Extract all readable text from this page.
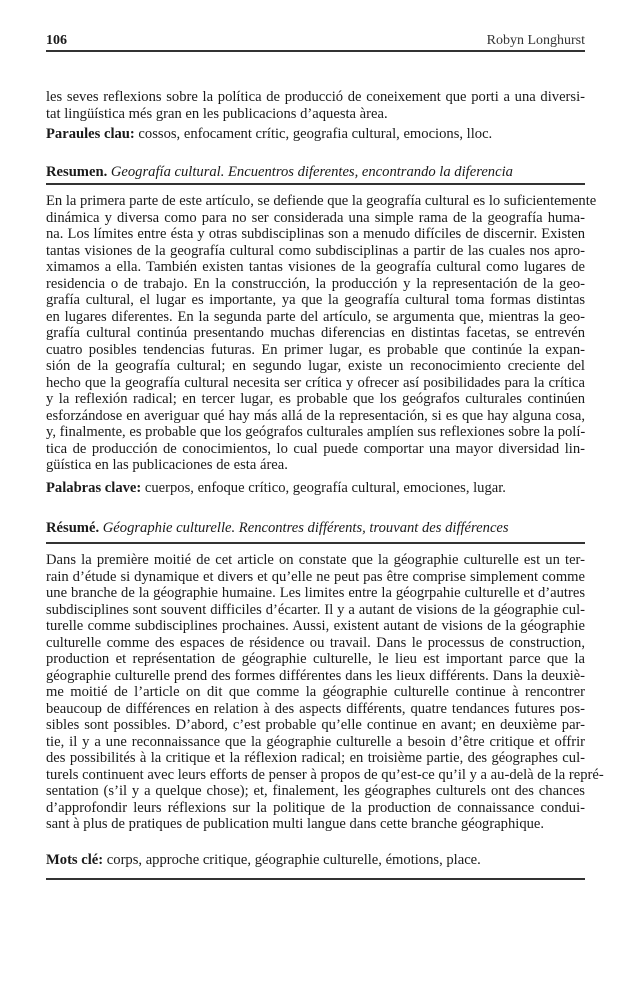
106	Robyn Longhurst
les seves reflexions sobre la política de producció de coneixement que porti a una diversi-
tat lingüística més gran en les publicacions d’aquesta àrea.
Paraules clau: cossos, enfocament crític, geografia cultural, emocions, lloc.
Resumen. Geografía cultural. Encuentros diferentes, encontrando la diferencia
En la primera parte de este artículo, se defiende que la geografía cultural es lo suficientemente
dinámica y diversa como para no ser considerada una simple rama de la geografía huma-
na. Los límites entre ésta y otras subdisciplinas son a menudo difíciles de discernir. Existen
tantas visiones de la geografía cultural como subdisciplinas a partir de las cuales nos apro-
ximamos a ella. También existen tantas visiones de la geografía cultural como lugares de
residencia o de trabajo. En la construcción, la producción y la representación de la geo-
grafía cultural, el lugar es importante, ya que la geografía cultural toma formas distintas
en lugares diferentes. En la segunda parte del artículo, se argumenta que, mientras la geo-
grafía cultural continúa presentando muchas diferencias en distintas facetas, se entrevén
cuatro posibles tendencias futuras. En primer lugar, es probable que continúe la expan-
sión de la geografía cultural; en segundo lugar, existe un reconocimiento creciente del
hecho que la geografía cultural necesita ser crítica y ofrecer así posibilidades para la crítica
y la reflexión radical; en tercer lugar, es probable que los geógrafos culturales continúen
esforzándose en averiguar qué hay más allá de la representación, si es que hay alguna cosa,
y, finalmente, es probable que los geógrafos culturales amplíen sus reflexiones sobre la polí-
tica de producción de conocimientos, lo cual puede comportar una mayor diversidad lin-
güística en las publicaciones de esta área.
Palabras clave: cuerpos, enfoque crítico, geografía cultural, emociones, lugar.
Résumé. Géographie culturelle. Rencontres différents, trouvant des différences
Dans la première moitié de cet article on constate que la géographie culturelle est un ter-
rain d’étude si dynamique et divers et qu’elle ne peut pas être comprise simplement comme
une branche de la géographie humaine. Les limites entre la géogrpahie culturelle et d’autres
subdisciplines sont souvent difficiles d’écarter. Il y a autant de visions de la géographie cul-
turelle comme subdisciplines prochaines. Aussi, existent autant de visions de la géographie
culturelle comme des espaces de résidence ou travail. Dans le processus de construction,
production et représentation de géographie culturelle, le lieu est important parce que la
géographie culturelle prend des formes différentes dans les lieux différents. Dans la deuxiè-
me moitié de l’article on dit que comme la géographie culturelle continue à rencontrer
beaucoup de différences en relation à des aspects différents, quatre tendances futures pos-
sibles sont possibles. D’abord, c’est probable qu’elle continue en avant; en deuxième par-
tie, il y a une reconnaissance que la géographie culturelle a besoin d’être critique et offrir
des possibilités à la critique et la réflexion radical; en troisième partie, des géographes cul-
turels continuent avec leurs efforts de penser à propos de qu’est-ce qu’il y a au-delà de la repré-
sentation (s’il y a quelque chose); et, finalement, les géographes culturels ont des chances
d’approfondir leurs réflexions sur la politique de la production de connaissance condui-
sant à plus de pratiques de publication multi langue dans cette branche géographique.
Mots clé: corps, approche critique, géographie culturelle, émotions, place.
